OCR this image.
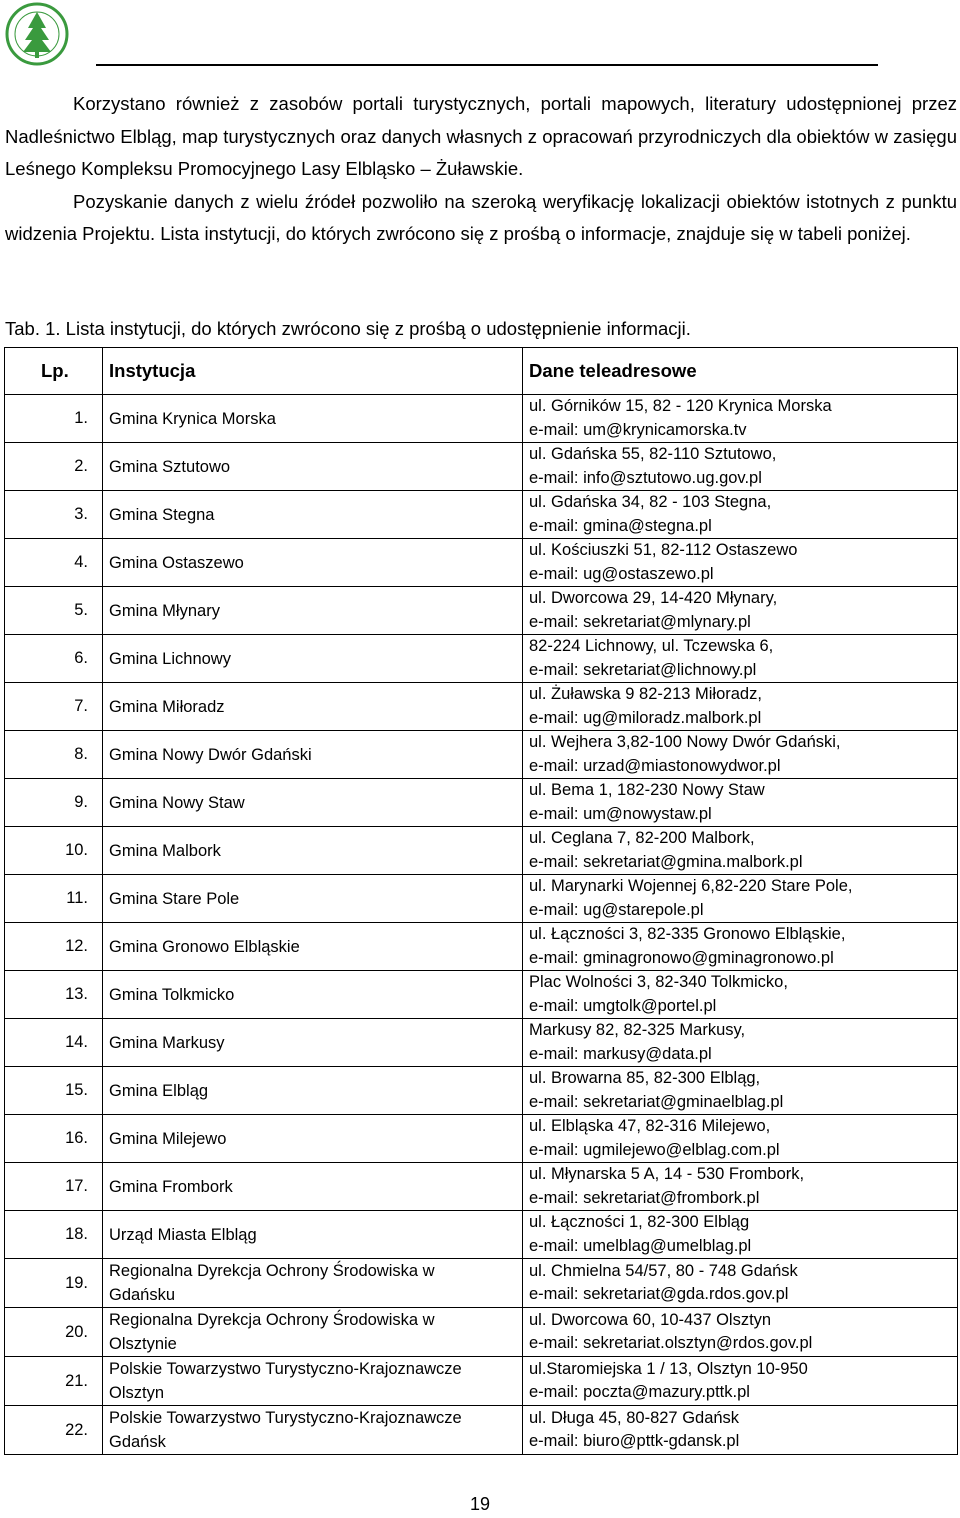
Korzystano również z zasobów portali turystycznych, portali mapowych, literatury udostępnionej przez Nadleśnictwo Elbląg, map turystycznych oraz danych własnych z opracowań przyrodniczych dla obiektów w zasięgu Leśnego Kompleksu Promocyjnego Lasy Elbląsko – Żuławskie.

Pozyskanie danych z wielu źródeł pozwoliło na szeroką weryfikację lokalizacji obiektów istotnych z punktu widzenia Projektu. Lista instytucji, do których zwrócono się z prośbą o informacje, znajduje się w tabeli poniżej.

Tab. 1. Lista instytucji, do których zwrócono się z prośbą o udostępnienie informacji.
Lp.	Instytucja	Dane teleadresowe
1.	Gmina Krynica Morska	ul. Górników 15, 82 - 120 Krynica Morska
e-mail: um@krynicamorska.tv

2.	Gmina Sztutowo	ul. Gdańska 55, 82-110 Sztutowo,
e-mail: info@sztutowo.ug.gov.pl

3.	Gmina Stegna	ul. Gdańska 34, 82 - 103 Stegna,
e-mail: gmina@stegna.pl

4.	Gmina Ostaszewo	ul. Kościuszki 51, 82-112 Ostaszewo
e-mail: ug@ostaszewo.pl

5.	Gmina Młynary	ul. Dworcowa 29, 14-420 Młynary,
e-mail: sekretariat@mlynary.pl

6.	Gmina Lichnowy	82-224 Lichnowy, ul. Tczewska 6,
e-mail: sekretariat@lichnowy.pl

7.	Gmina Miłoradz	ul. Żuławska 9 82-213 Miłoradz,
e-mail: ug@miloradz.malbork.pl

8.	Gmina Nowy Dwór Gdański	ul. Wejhera 3,82-100 Nowy Dwór Gdański,
e-mail: urzad@miastonowydwor.pl

9.	Gmina Nowy Staw	ul. Bema 1, 182-230 Nowy Staw
e-mail: um@nowystaw.pl

10.	Gmina Malbork	ul. Ceglana 7, 82-200 Malbork,
e-mail: sekretariat@gmina.malbork.pl

11.	Gmina Stare Pole	ul. Marynarki Wojennej 6,82-220 Stare Pole,
e-mail: ug@starepole.pl

12.	Gmina Gronowo Elbląskie	ul. Łączności 3, 82-335 Gronowo Elbląskie,
e-mail: gminagronowo@gminagronowo.pl

13.	Gmina Tolkmicko	Plac Wolności 3, 82-340 Tolkmicko,
e-mail: umgtolk@portel.pl

14.	Gmina Markusy	Markusy 82, 82-325 Markusy,
e-mail: markusy@data.pl

15.	Gmina Elbląg	ul. Browarna 85, 82-300 Elbląg,
e-mail: sekretariat@gminaelblag.pl

16.	Gmina Milejewo	ul. Elbląska 47, 82-316 Milejewo,
e-mail: ugmilejewo@elblag.com.pl

17.	Gmina Frombork	ul. Młynarska 5 A, 14 - 530 Frombork,
e-mail: sekretariat@frombork.pl

18.	Urząd Miasta Elbląg	ul. Łączności 1, 82-300 Elbląg
e-mail: umelblag@umelblag.pl

19.	Regionalna Dyrekcja Ochrony Środowiska w
Gdańsku	ul. Chmielna 54/57, 80 - 748 Gdańsk
e-mail: sekretariat@gda.rdos.gov.pl

20.	Regionalna Dyrekcja Ochrony Środowiska w
Olsztynie	ul. Dworcowa 60, 10-437 Olsztyn
e-mail: sekretariat.olsztyn@rdos.gov.pl

21.	Polskie Towarzystwo Turystyczno-Krajoznawcze
Olsztyn	ul.Staromiejska 1 / 13, Olsztyn 10-950
e-mail: poczta@mazury.pttk.pl

22.	Polskie Towarzystwo Turystyczno-Krajoznawcze
Gdańsk	ul. Długa 45, 80-827 Gdańsk
e-mail: biuro@pttk-gdansk.pl
19
